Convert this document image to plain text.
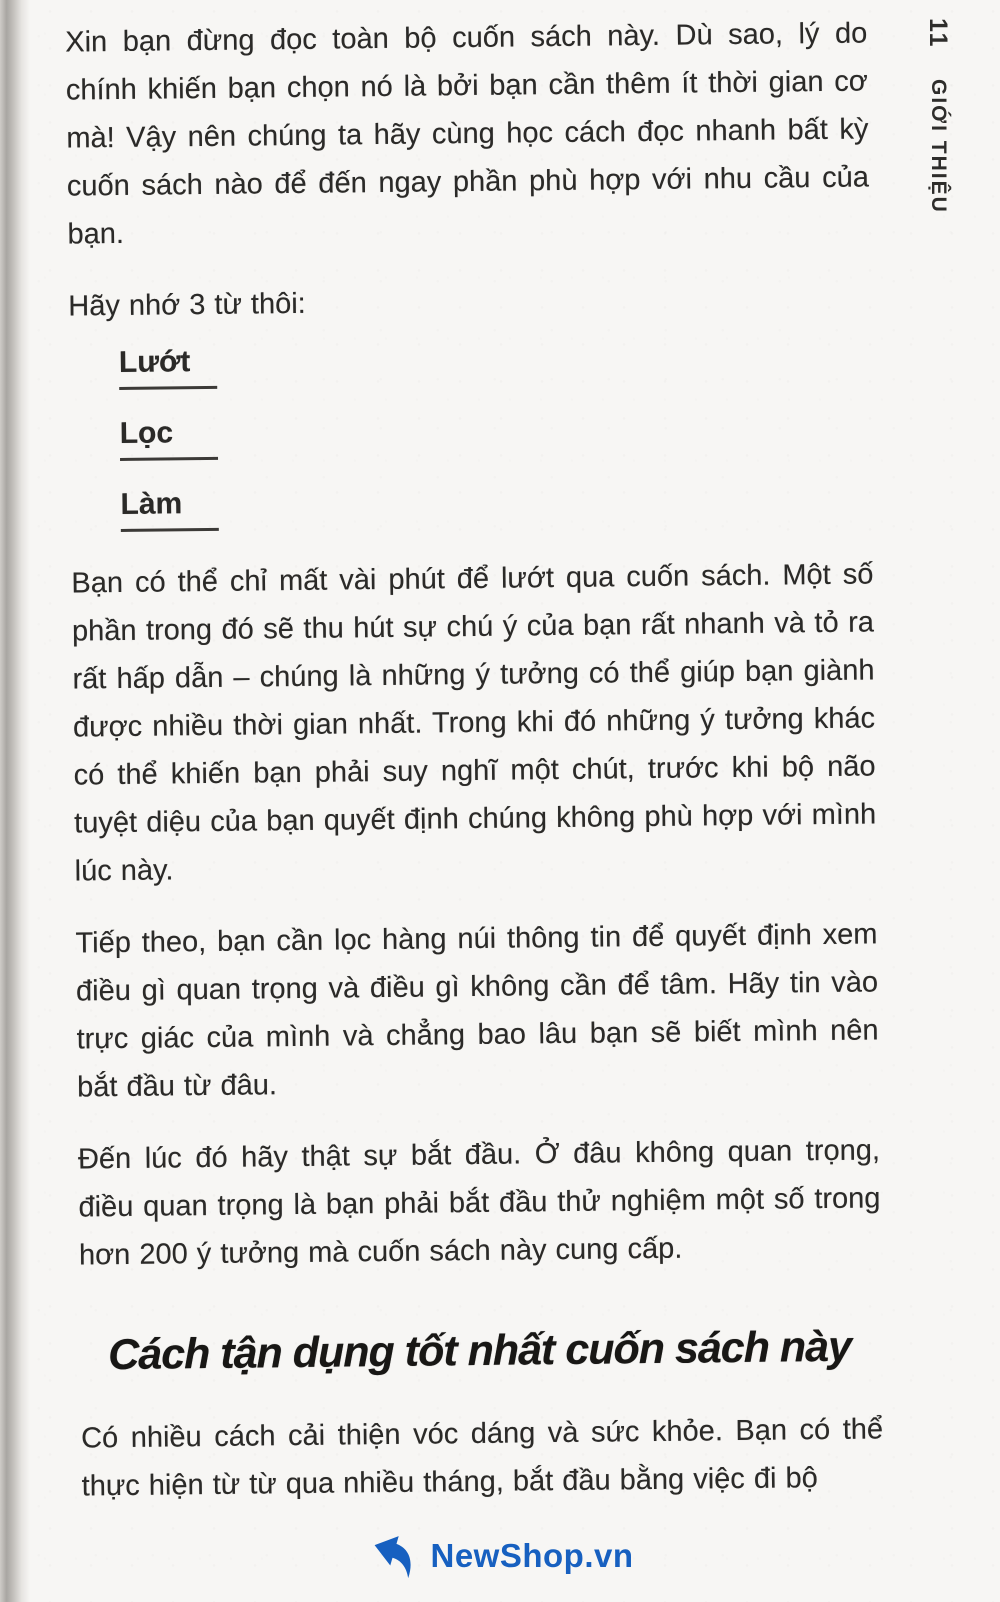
11 GIỚI THIỆU

Xin bạn đừng đọc toàn bộ cuốn sách này. Dù sao, lý do chính khiến bạn chọn nó là bởi bạn cần thêm ít thời gian cơ mà! Vậy nên chúng ta hãy cùng học cách đọc nhanh bất kỳ cuốn sách nào để đến ngay phần phù hợp với nhu cầu của bạn.

Hãy nhớ 3 từ thôi:

Lướt
Lọc
Làm

Bạn có thể chỉ mất vài phút để lướt qua cuốn sách. Một số phần trong đó sẽ thu hút sự chú ý của bạn rất nhanh và tỏ ra rất hấp dẫn – chúng là những ý tưởng có thể giúp bạn giành được nhiều thời gian nhất. Trong khi đó những ý tưởng khác có thể khiến bạn phải suy nghĩ một chút, trước khi bộ não tuyệt diệu của bạn quyết định chúng không phù hợp với mình lúc này.

Tiếp theo, bạn cần lọc hàng núi thông tin để quyết định xem điều gì quan trọng và điều gì không cần để tâm. Hãy tin vào trực giác của mình và chẳng bao lâu bạn sẽ biết mình nên bắt đầu từ đâu.

Đến lúc đó hãy thật sự bắt đầu. Ở đâu không quan trọng, điều quan trọng là bạn phải bắt đầu thử nghiệm một số trong hơn 200 ý tưởng mà cuốn sách này cung cấp.

Cách tận dụng tốt nhất cuốn sách này

Có nhiều cách cải thiện vóc dáng và sức khỏe. Bạn có thể thực hiện từ từ qua nhiều tháng, bắt đầu bằng việc đi bộ

NewShop.vn
